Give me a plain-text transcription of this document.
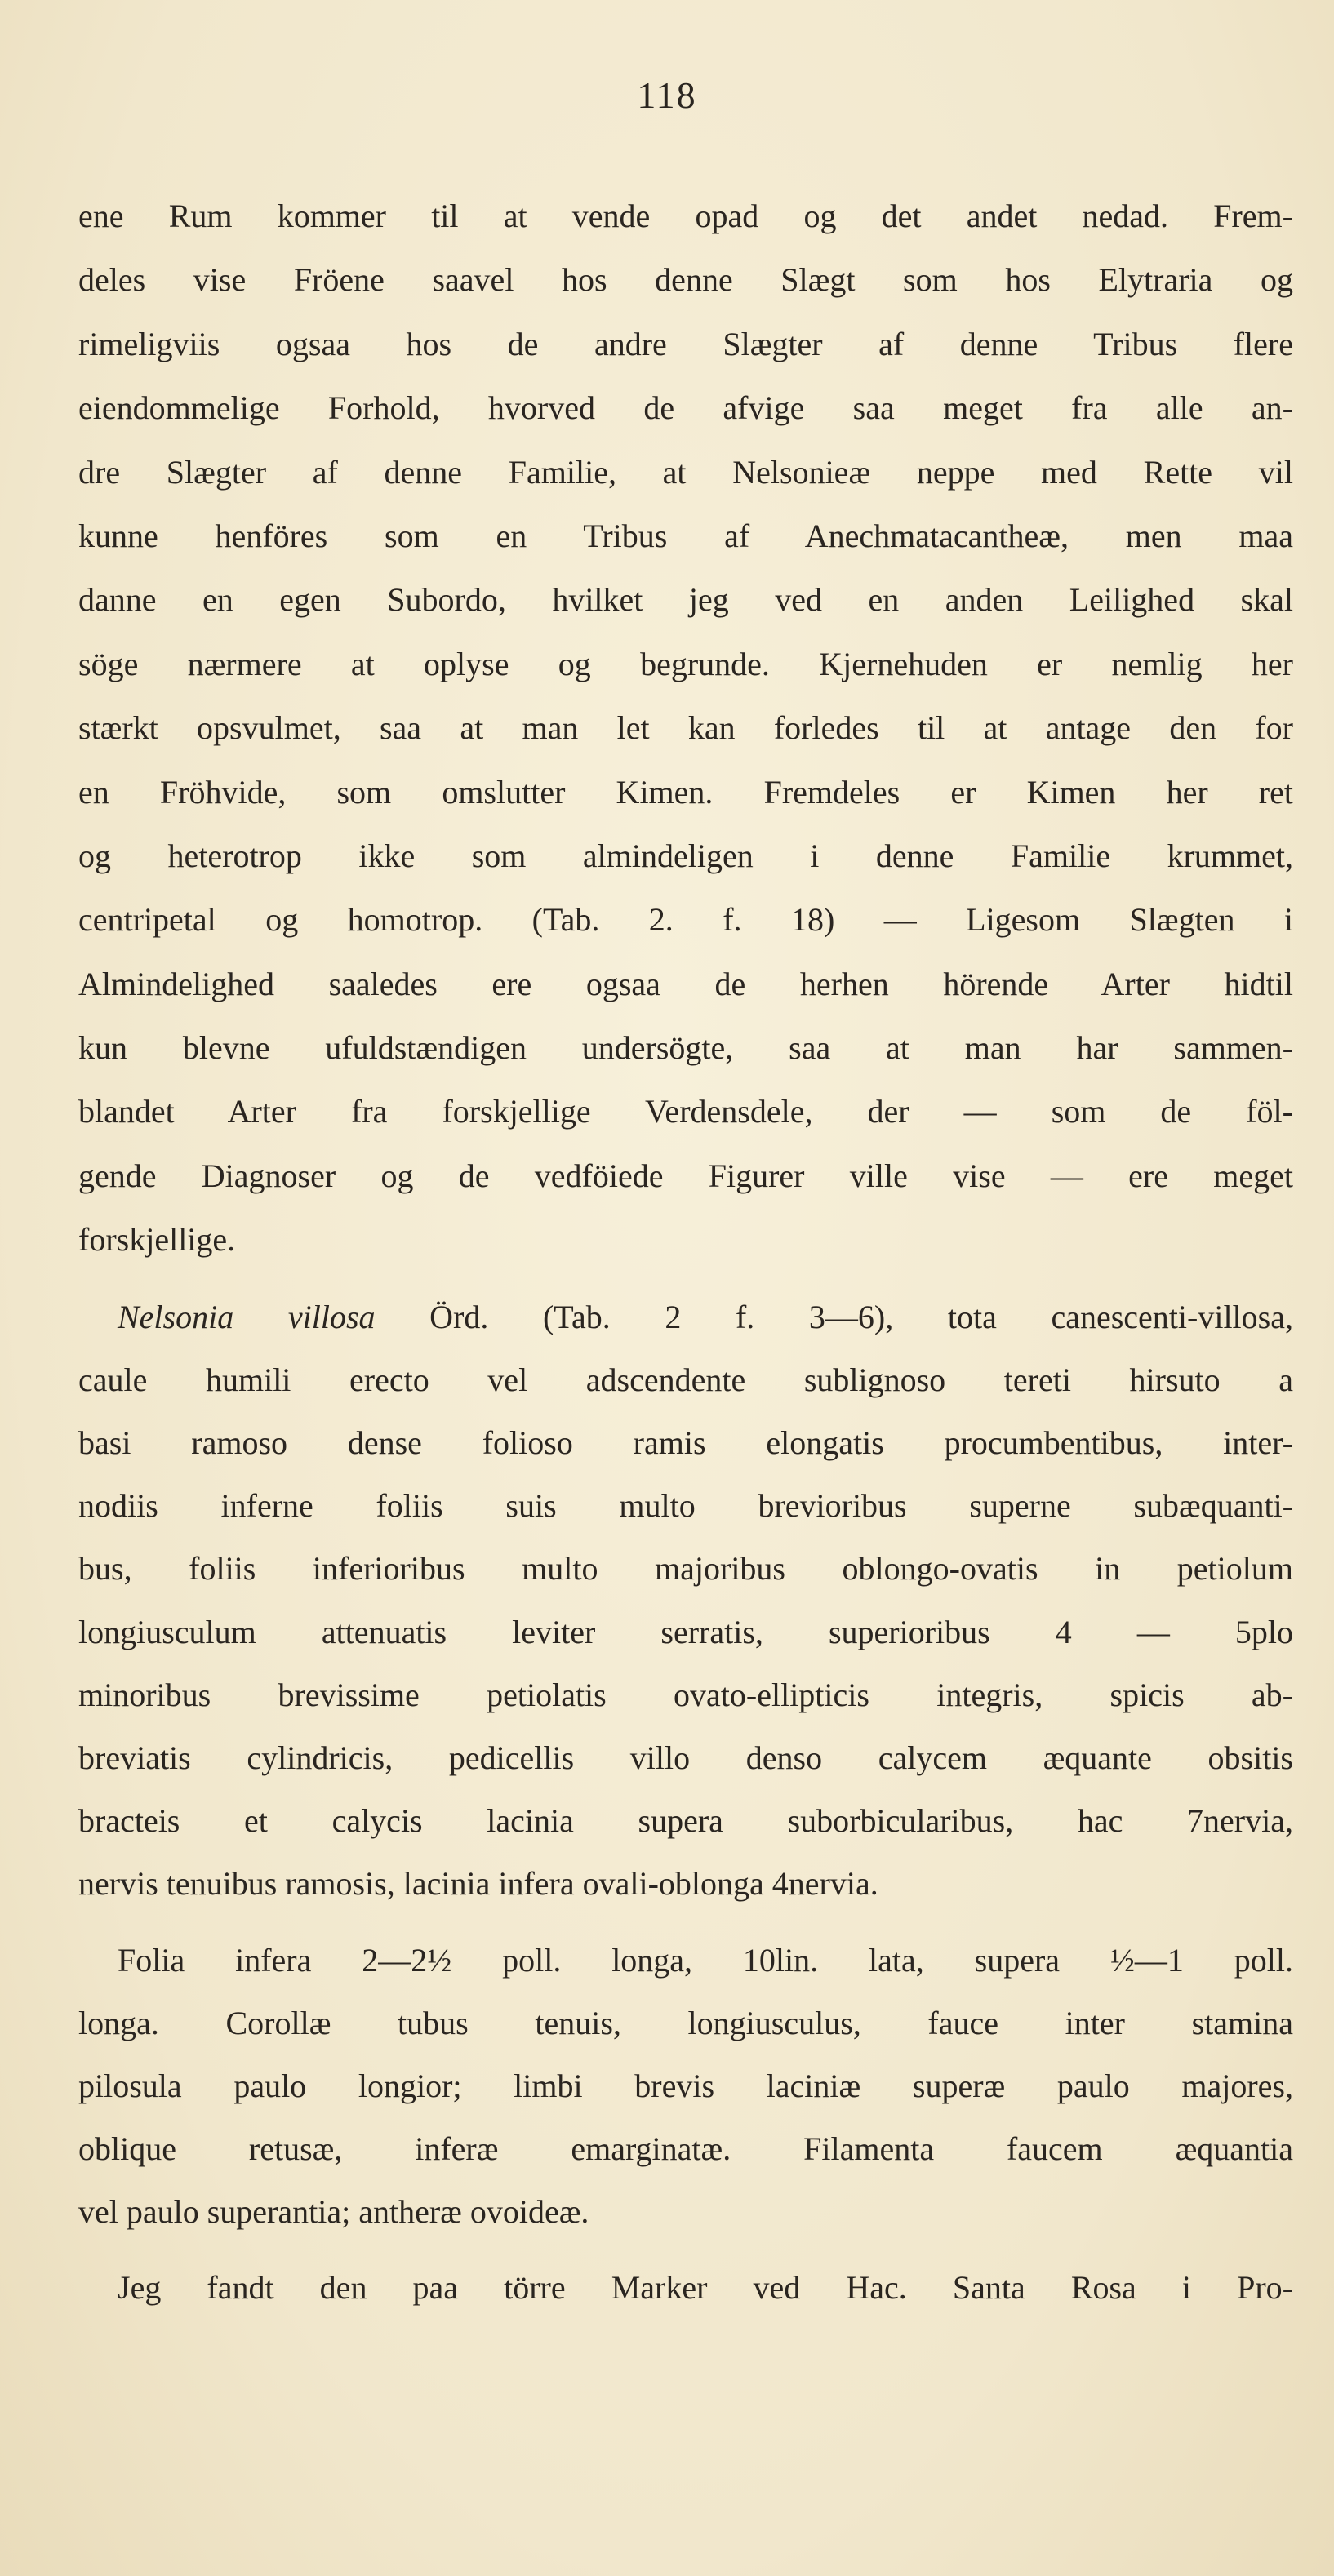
118
ene Rum kommer til at vende opad og det andet nedad. Frem-
deles vise Fröene saavel hos denne Slægt som hos Elytraria og
rimeligviis ogsaa hos de andre Slægter af denne Tribus flere
eiendommelige Forhold, hvorved de afvige saa meget fra alle an-
dre Slægter af denne Familie, at Nelsonieæ neppe med Rette vil
kunne henföres som en Tribus af Anechmatacantheæ, men maa
danne en egen Subordo, hvilket jeg ved en anden Leilighed skal
söge nærmere at oplyse og begrunde. Kjernehuden er nemlig her
stærkt opsvulmet, saa at man let kan forledes til at antage den for
en Fröhvide, som omslutter Kimen. Fremdeles er Kimen her ret
og heterotrop ikke som almindeligen i denne Familie krummet,
centripetal og homotrop. (Tab. 2. f. 18) — Ligesom Slægten i
Almindelighed saaledes ere ogsaa de herhen hörende Arter hidtil
kun blevne ufuldstændigen undersögte, saa at man har sammen-
blandet Arter fra forskjellige Verdensdele, der — som de föl-
gende Diagnoser og de vedföiede Figurer ville vise — ere meget
forskjellige.
Nelsonia villosa Örd. (Tab. 2 f. 3—6), tota canescenti-villosa,
caule humili erecto vel adscendente sublignoso tereti hirsuto a
basi ramoso dense folioso ramis elongatis procumbentibus, inter-
nodiis inferne foliis suis multo brevioribus superne subæquanti-
bus, foliis inferioribus multo majoribus oblongo-ovatis in petiolum
longiusculum attenuatis leviter serratis, superioribus 4 — 5plo
minoribus brevissime petiolatis ovato-ellipticis integris, spicis ab-
breviatis cylindricis, pedicellis villo denso calycem æquante obsitis
bracteis et calycis lacinia supera suborbicularibus, hac 7nervia,
nervis tenuibus ramosis, lacinia infera ovali-oblonga 4nervia.
Folia infera 2—2½ poll. longa, 10lin. lata, supera ½—1 poll.
longa. Corollæ tubus tenuis, longiusculus, fauce inter stamina
pilosula paulo longior; limbi brevis laciniæ superæ paulo majores,
oblique retusæ, inferæ emarginatæ. Filamenta faucem æquantia
vel paulo superantia; antheræ ovoideæ.
Jeg fandt den paa törre Marker ved Hac. Santa Rosa i Pro-
